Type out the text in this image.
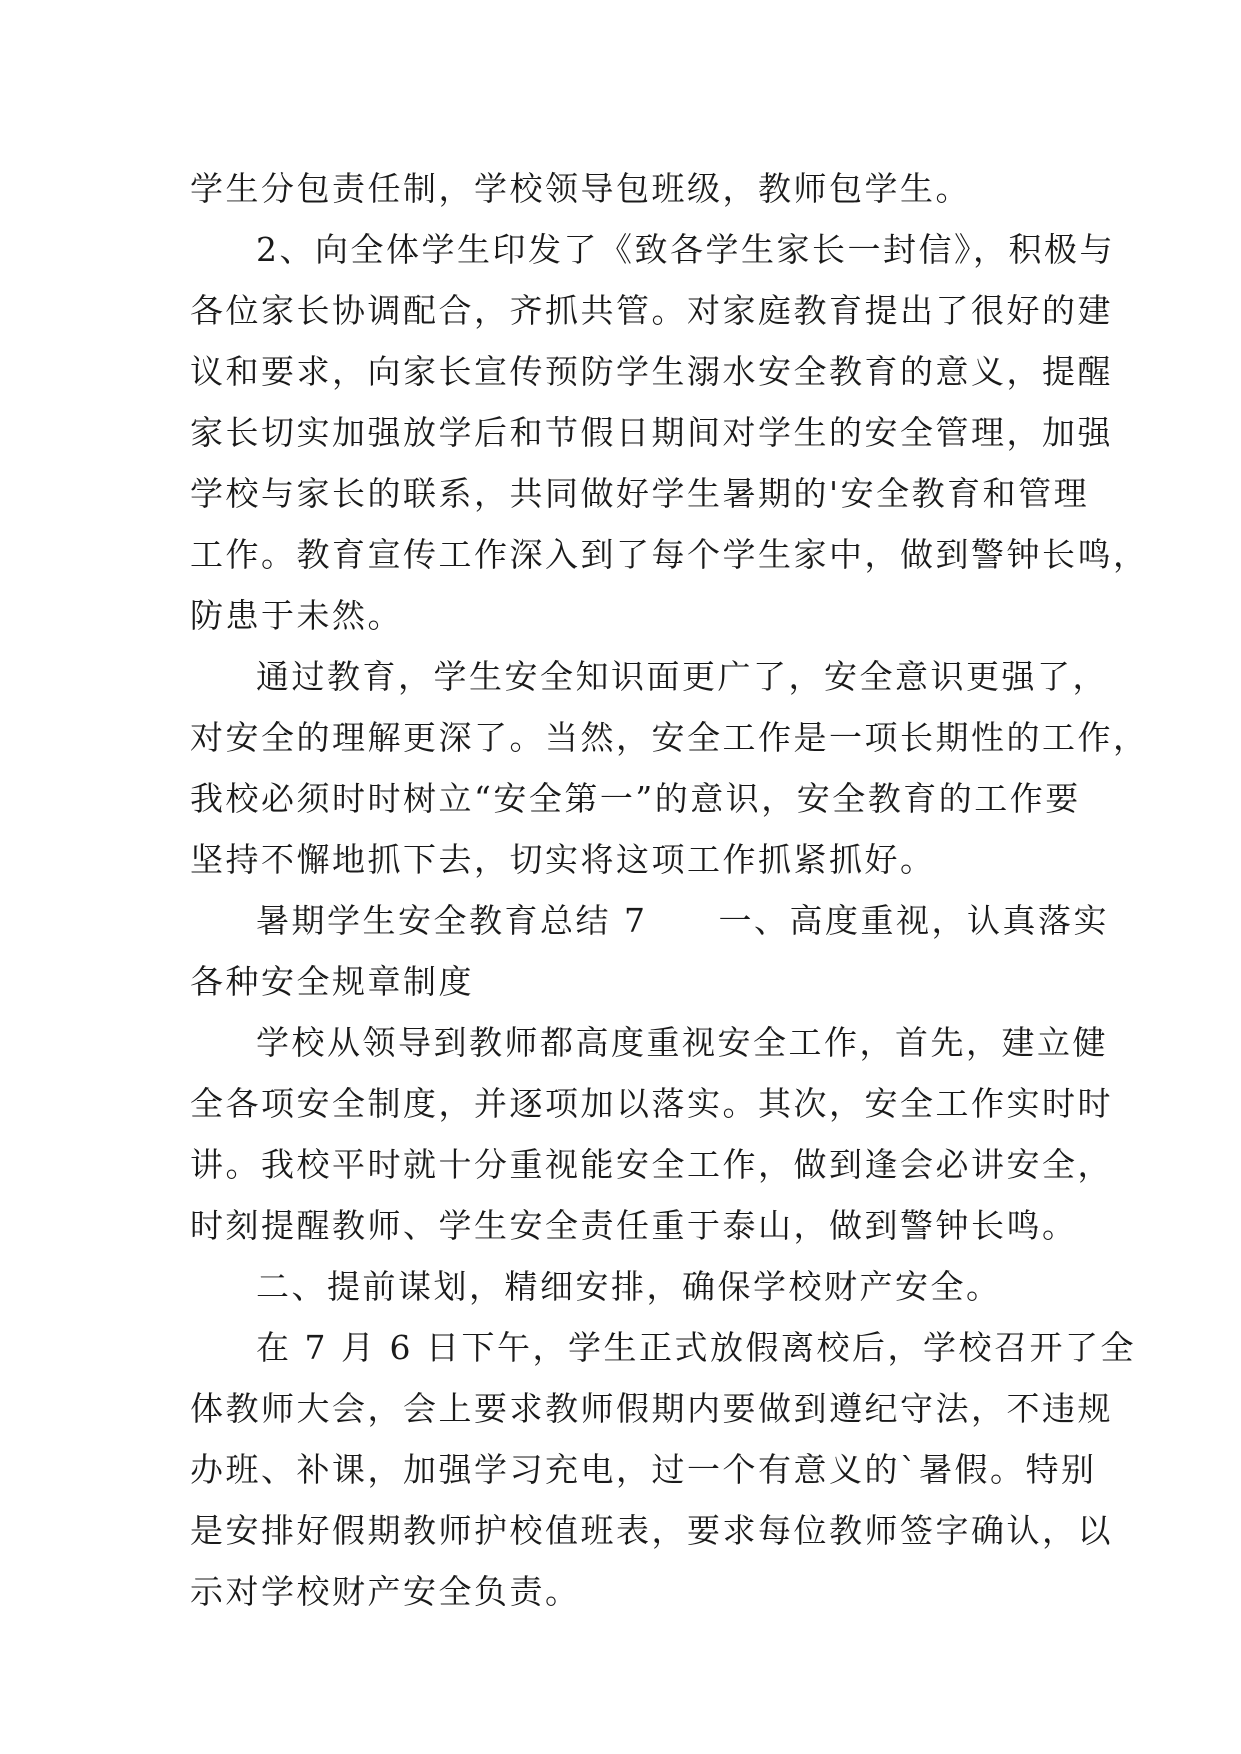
学生分包责任制，学校领导包班级，教师包学生。
2、向全体学生印发了《致各学生家长一封信》，积极与
各位家长协调配合，齐抓共管。对家庭教育提出了很好的建
议和要求，向家长宣传预防学生溺水安全教育的意义，提醒
家长切实加强放学后和节假日期间对学生的安全管理，加强
学校与家长的联系，共同做好学生暑期的'安全教育和管理
工作。教育宣传工作深入到了每个学生家中，做到警钟长鸣，
防患于未然。
通过教育，学生安全知识面更广了，安全意识更强了，
对安全的理解更深了。当然，安全工作是一项长期性的工作，
我校必须时时树立“安全第一”的意识，安全教育的工作要
坚持不懈地抓下去，切实将这项工作抓紧抓好。
暑期学生安全教育总结 7　　一、高度重视，认真落实
各种安全规章制度
学校从领导到教师都高度重视安全工作，首先，建立健
全各项安全制度，并逐项加以落实。其次，安全工作实时时
讲。我校平时就十分重视能安全工作，做到逢会必讲安全，
时刻提醒教师、学生安全责任重于泰山，做到警钟长鸣。
二、提前谋划，精细安排，确保学校财产安全。
在 7 月 6 日下午，学生正式放假离校后，学校召开了全
体教师大会，会上要求教师假期内要做到遵纪守法，不违规
办班、补课，加强学习充电，过一个有意义的`暑假。特别
是安排好假期教师护校值班表，要求每位教师签字确认，以
示对学校财产安全负责。
